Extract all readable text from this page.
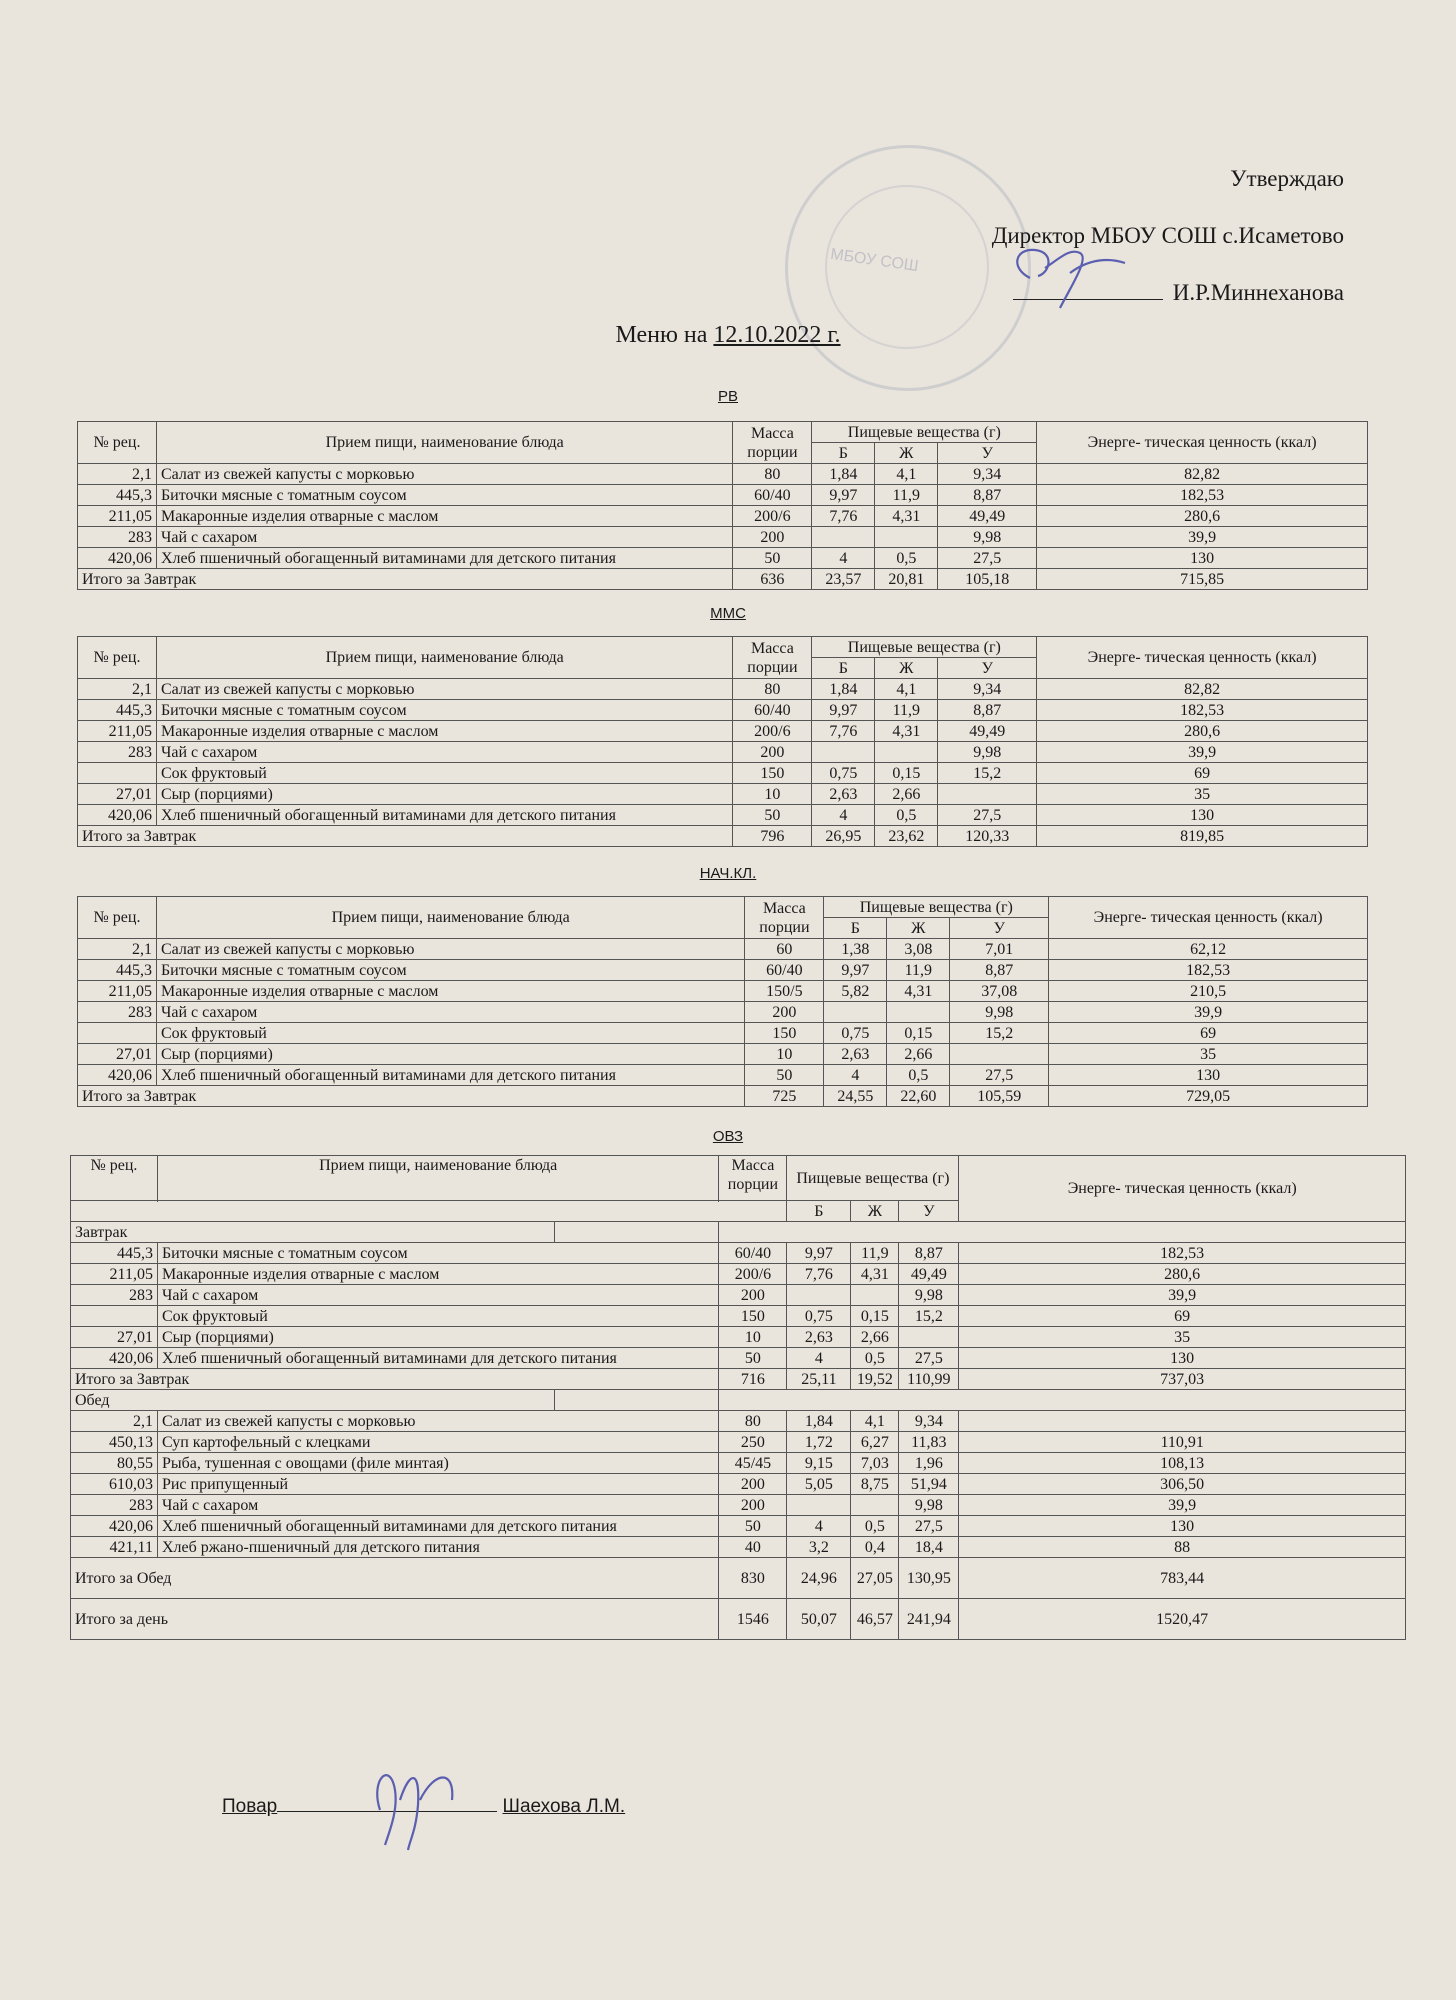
МБОУ СОШ
Утверждаю
Директор МБОУ СОШ с.Исаметово
И.Р.Миннеханова
Меню на 12.10.2022 г.
РВ
№ рец.	Прием пищи, наименование блюда	Масса порции	Пищевые вещества (г)			Энерге- тическая ценность (ккал)
			Б	Ж	У	
2,1	Салат из свежей капусты с морковью	80	1,84	4,1	9,34	82,82
445,3	Биточки мясные с томатным соусом	60/40	9,97	11,9	8,87	182,53
211,05	Макаронные изделия отварные с маслом	200/6	7,76	4,31	49,49	280,6
283	Чай с сахаром	200			9,98	39,9
420,06	Хлеб пшеничный обогащенный витаминами для детского питания	50	4	0,5	27,5	130
Итого за Завтрак		636	23,57	20,81	105,18	715,85
ММС
№ рец.	Прием пищи, наименование блюда	Масса порции	Пищевые вещества (г)			Энерге- тическая ценность (ккал)
			Б	Ж	У	
2,1	Салат из свежей капусты с морковью	80	1,84	4,1	9,34	82,82
445,3	Биточки мясные с томатным соусом	60/40	9,97	11,9	8,87	182,53
211,05	Макаронные изделия отварные с маслом	200/6	7,76	4,31	49,49	280,6
283	Чай с сахаром	200			9,98	39,9
	Сок фруктовый	150	0,75	0,15	15,2	69
27,01	Сыр (порциями)	10	2,63	2,66		35
420,06	Хлеб пшеничный обогащенный витаминами для детского питания	50	4	0,5	27,5	130
Итого за Завтрак		796	26,95	23,62	120,33	819,85
НАЧ.КЛ.
№ рец.	Прием пищи, наименование блюда	Масса порции	Пищевые вещества (г)			Энерге- тическая ценность (ккал)
			Б	Ж	У	
2,1	Салат из свежей капусты с морковью	60	1,38	3,08	7,01	62,12
445,3	Биточки мясные с томатным соусом	60/40	9,97	11,9	8,87	182,53
211,05	Макаронные изделия отварные с маслом	150/5	5,82	4,31	37,08	210,5
283	Чай с сахаром	200			9,98	39,9
	Сок фруктовый	150	0,75	0,15	15,2	69
27,01	Сыр (порциями)	10	2,63	2,66		35
420,06	Хлеб пшеничный обогащенный витаминами для детского питания	50	4	0,5	27,5	130
Итого за Завтрак		725	24,55	22,60	105,59	729,05
ОВЗ
№ рец.	Прием пищи, наименование блюда		Масса порции	Пищевые вещества (г)			Энерге- тическая ценность (ккал)

				Б	Ж	У	
Завтрак							
445,3	Биточки мясные с томатным соусом		60/40	9,97	11,9	8,87	182,53
211,05	Макаронные изделия отварные с маслом		200/6	7,76	4,31	49,49	280,6
283	Чай с сахаром		200			9,98	39,9
	Сок фруктовый		150	0,75	0,15	15,2	69
27,01	Сыр (порциями)		10	2,63	2,66		35
420,06	Хлеб пшеничный обогащенный витаминами для детского питания		50	4	0,5	27,5	130
Итого за Завтрак			716	25,11	19,52	110,99	737,03
Обед							
2,1	Салат из свежей капусты с морковью		80	1,84	4,1	9,34	
450,13	Суп картофельный с клецками		250	1,72	6,27	11,83	110,91
80,55	Рыба, тушенная с овощами (филе минтая)		45/45	9,15	7,03	1,96	108,13
610,03	Рис припущенный		200	5,05	8,75	51,94	306,50
283	Чай с сахаром		200			9,98	39,9
420,06	Хлеб пшеничный обогащенный витаминами для детского питания		50	4	0,5	27,5	130
421,11	Хлеб ржано-пшеничный для детского питания		40	3,2	0,4	18,4	88
Итого за Обед			830	24,96	27,05	130,95	783,44
Итого за день			1546	50,07	46,57	241,94	1520,47
Повар	Шаехова Л.М.
